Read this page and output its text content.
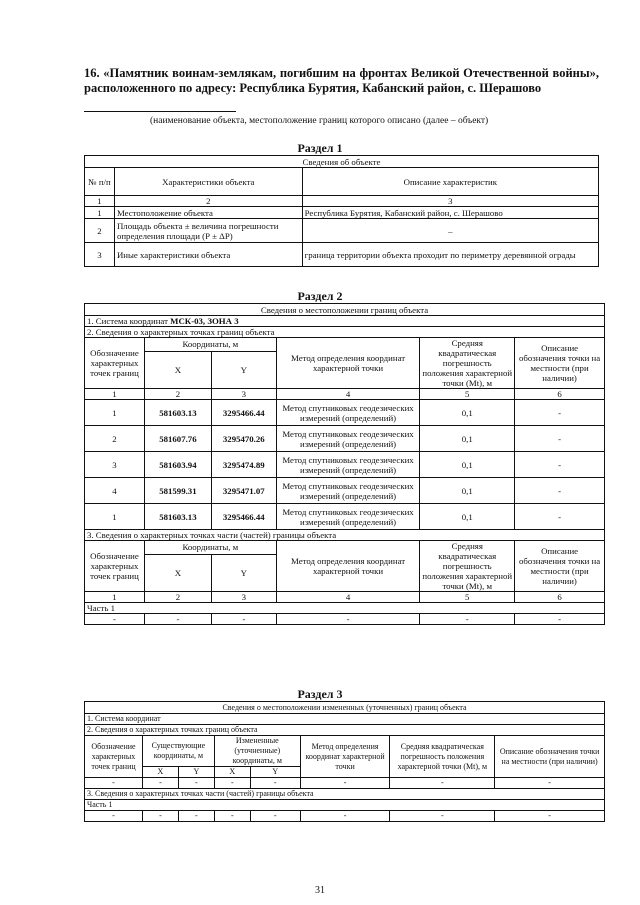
16. «Памятник воинам-землякам, погибшим на фронтах Великой Отечественной войны», расположенного по адресу: Республика Бурятия, Кабанский район, с. Шерашово
(наименование объекта, местоположение границ которого описано (далее – объект)
Раздел 1
Сведения об объекте		
№ п/п	Характеристики объекта	Описание характеристик
1	2	3
1	Местоположение объекта	Республика Бурятия, Кабанский район, с. Шерашово
2	Площадь объекта ± величина погрешности определения площади (Р ± ΔР)	–
3	Иные характеристики объекта	граница территории объекта проходит по периметру деревянной ограды
Раздел 2
Сведения о местоположении границ объекта					
1. Система координат МСК-03, ЗОНА 3					
2. Сведения о характерных точках границ объекта					
Обозначение характерных точек границ	Координаты, м		Метод определения координат характерной точки	Средняя квадратическая погрешность положения характерной точки (Mt), м	Описание обозначения точки на местности (при наличии)
	X	Y			
1	2	3	4	5	6
1	581603.13	3295466.44	Метод спутниковых геодезических измерений (определений)	0,1	-
2	581607.76	3295470.26	Метод спутниковых геодезических измерений (определений)	0,1	-
3	581603.94	3295474.89	Метод спутниковых геодезических измерений (определений)	0,1	-
4	581599.31	3295471.07	Метод спутниковых геодезических измерений (определений)	0,1	-
1	581603.13	3295466.44	Метод спутниковых геодезических измерений (определений)	0,1	-
3. Сведения о характерных точках части (частей) границы объекта					
Обозначение характерных точек границ	Координаты, м		Метод определения координат характерной точки	Средняя квадратическая погрешность положения характерной точки (Mt), м	Описание обозначения точки на местности (при наличии)
	X	Y			
1	2	3	4	5	6
Часть 1					
-	-	-	-	-	-
Раздел 3
Сведения о местоположении измененных (уточненных) границ объекта							
1. Система координат							
2. Сведения о характерных точках границ объекта							
Обозначение характерных точек границ	Существующие координаты, м		Измененные (уточненные) координаты, м		Метод определения координат характерной точки	Средняя квадратическая погрешность положения характерной точки (Mt), м	Описание обозначения точки на местности (при наличии)
	X	Y	X	Y			
-	-	-	-	-	-	-	-
3. Сведения о характерных точках части (частей) границы объекта							
Часть 1							
-	-	-	-	-	-	-	-
31
